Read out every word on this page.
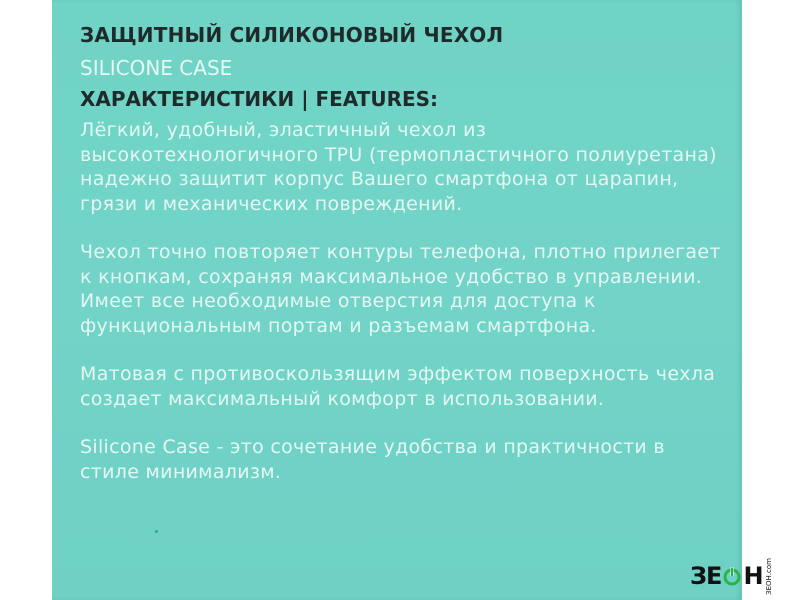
ЗАЩИТНЫЙ СИЛИКОНОВЫЙ ЧЕХОЛ
SILICONE CASE
ХАРАКТЕРИСТИКИ | FEATURES:

Лёгкий, удобный, эластичный чехол из высокотехнологичного TPU (термопластичного полиуретана) надежно защитит корпус Вашего смартфона от царапин, грязи и механических повреждений.

Чехол точно повторяет контуры телефона, плотно прилегает к кнопкам, сохраняя максимальное удобство в управлении. Имеет все необходимые отверстия для доступа к функциональным портам и разъемам смартфона.

Матовая с противоскользящим эффектом поверхность чехла создает максимальный комфорт в использовании.

Silicone Case - это сочетание удобства и практичности в стиле минимализм.

ЗЕ Н ЗЕОН.com
